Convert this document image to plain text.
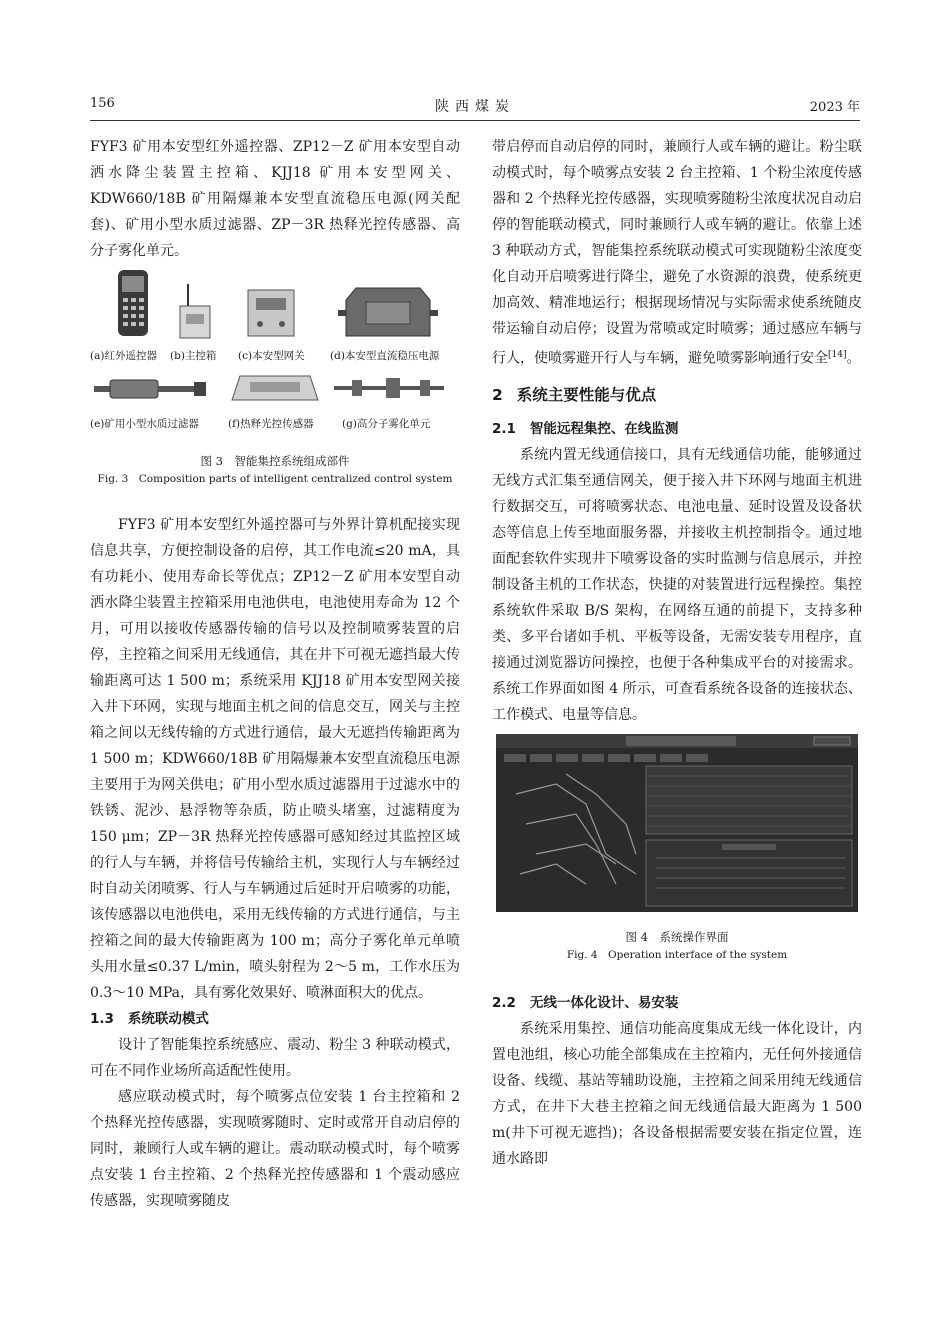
156	陕西煤炭	2023 年

FYF3 矿用本安型红外遥控器、ZP12－Z 矿用本安型自动洒水降尘装置主控箱、KJJ18 矿用本安型网关、KDW660/18B 矿用隔爆兼本安型直流稳压电源(网关配套)、矿用小型水质过滤器、ZP－3R 热释光控传感器、高分子雾化单元。

(a)红外遥控器 (b)主控箱 (c)本安型网关 (d)本安型直流稳压电源
(e)矿用小型水质过滤器	(f)热释光控传感器	(g)高分子雾化单元

图 3　智能集控系统组成部件

Fig. 3　Composition parts of intelligent centralized control system

FYF3 矿用本安型红外遥控器可与外界计算机配接实现信息共享，方便控制设备的启停，其工作电流≤20 mA，具有功耗小、使用寿命长等优点；ZP12－Z 矿用本安型自动洒水降尘装置主控箱采用电池供电，电池使用寿命为 12 个月，可用以接收传感器传输的信号以及控制喷雾装置的启停，主控箱之间采用无线通信，其在井下可视无遮挡最大传输距离可达 1 500 m；系统采用 KJJ18 矿用本安型网关接入井下环网，实现与地面主机之间的信息交互，网关与主控箱之间以无线传输的方式进行通信，最大无遮挡传输距离为 1 500 m；KDW660/18B 矿用隔爆兼本安型直流稳压电源主要用于为网关供电；矿用小型水质过滤器用于过滤水中的铁锈、泥沙、悬浮物等杂质，防止喷头堵塞，过滤精度为 150 μm；ZP－3R 热释光控传感器可感知经过其监控区域的行人与车辆，并将信号传输给主机，实现行人与车辆经过时自动关闭喷雾、行人与车辆通过后延时开启喷雾的功能，该传感器以电池供电，采用无线传输的方式进行通信，与主控箱之间的最大传输距离为 100 m；高分子雾化单元单喷头用水量≤0.37 L/min，喷头射程为 2～5 m，工作水压为 0.3～10 MPa，具有雾化效果好、喷淋面积大的优点。

1.3 系统联动模式

设计了智能集控系统感应、震动、粉尘 3 种联动模式，可在不同作业场所高适配性使用。

感应联动模式时，每个喷雾点位安装 1 台主控箱和 2 个热释光控传感器，实现喷雾随时、定时或常开自动启停的同时，兼顾行人或车辆的避让。震动联动模式时，每个喷雾点安装 1 台主控箱、2 个热释光控传感器和 1 个震动感应传感器，实现喷雾随皮

带启停而自动启停的同时，兼顾行人或车辆的避让。粉尘联动模式时，每个喷雾点安装 2 台主控箱、1 个粉尘浓度传感器和 2 个热释光控传感器，实现喷雾随粉尘浓度状况自动启停的智能联动模式，同时兼顾行人或车辆的避让。依靠上述 3 种联动方式，智能集控系统联动模式可实现随粉尘浓度变化自动开启喷雾进行降尘，避免了水资源的浪费，使系统更加高效、精准地运行；根据现场情况与实际需求使系统随皮带运输自动启停；设置为常喷或定时喷雾；通过感应车辆与行人，使喷雾避开行人与车辆，避免喷雾影响通行安全[14]。

2 系统主要性能与优点
2.1 智能远程集控、在线监测

系统内置无线通信接口，具有无线通信功能，能够通过无线方式汇集至通信网关，便于接入井下环网与地面主机进行数据交互，可将喷雾状态、电池电量、延时设置及设备状态等信息上传至地面服务器，并接收主机控制指令。通过地面配套软件实现井下喷雾设备的实时监测与信息展示，并控制设备主机的工作状态，快捷的对装置进行远程操控。集控系统软件采取 B/S 架构，在网络互通的前提下，支持多种类、多平台诸如手机、平板等设备，无需安装专用程序，直接通过浏览器访问操控，也便于各种集成平台的对接需求。系统工作界面如图 4 所示，可查看系统各设备的连接状态、工作模式、电量等信息。

图 4　系统操作界面

Fig. 4　Operation interface of the system

2.2 无线一体化设计、易安装

系统采用集控、通信功能高度集成无线一体化设计，内置电池组，核心功能全部集成在主控箱内，无任何外接通信设备、线缆、基站等辅助设施，主控箱之间采用纯无线通信方式，在井下大巷主控箱之间无线通信最大距离为 1 500 m(井下可视无遮挡)；各设备根据需要安装在指定位置，连通水路即
